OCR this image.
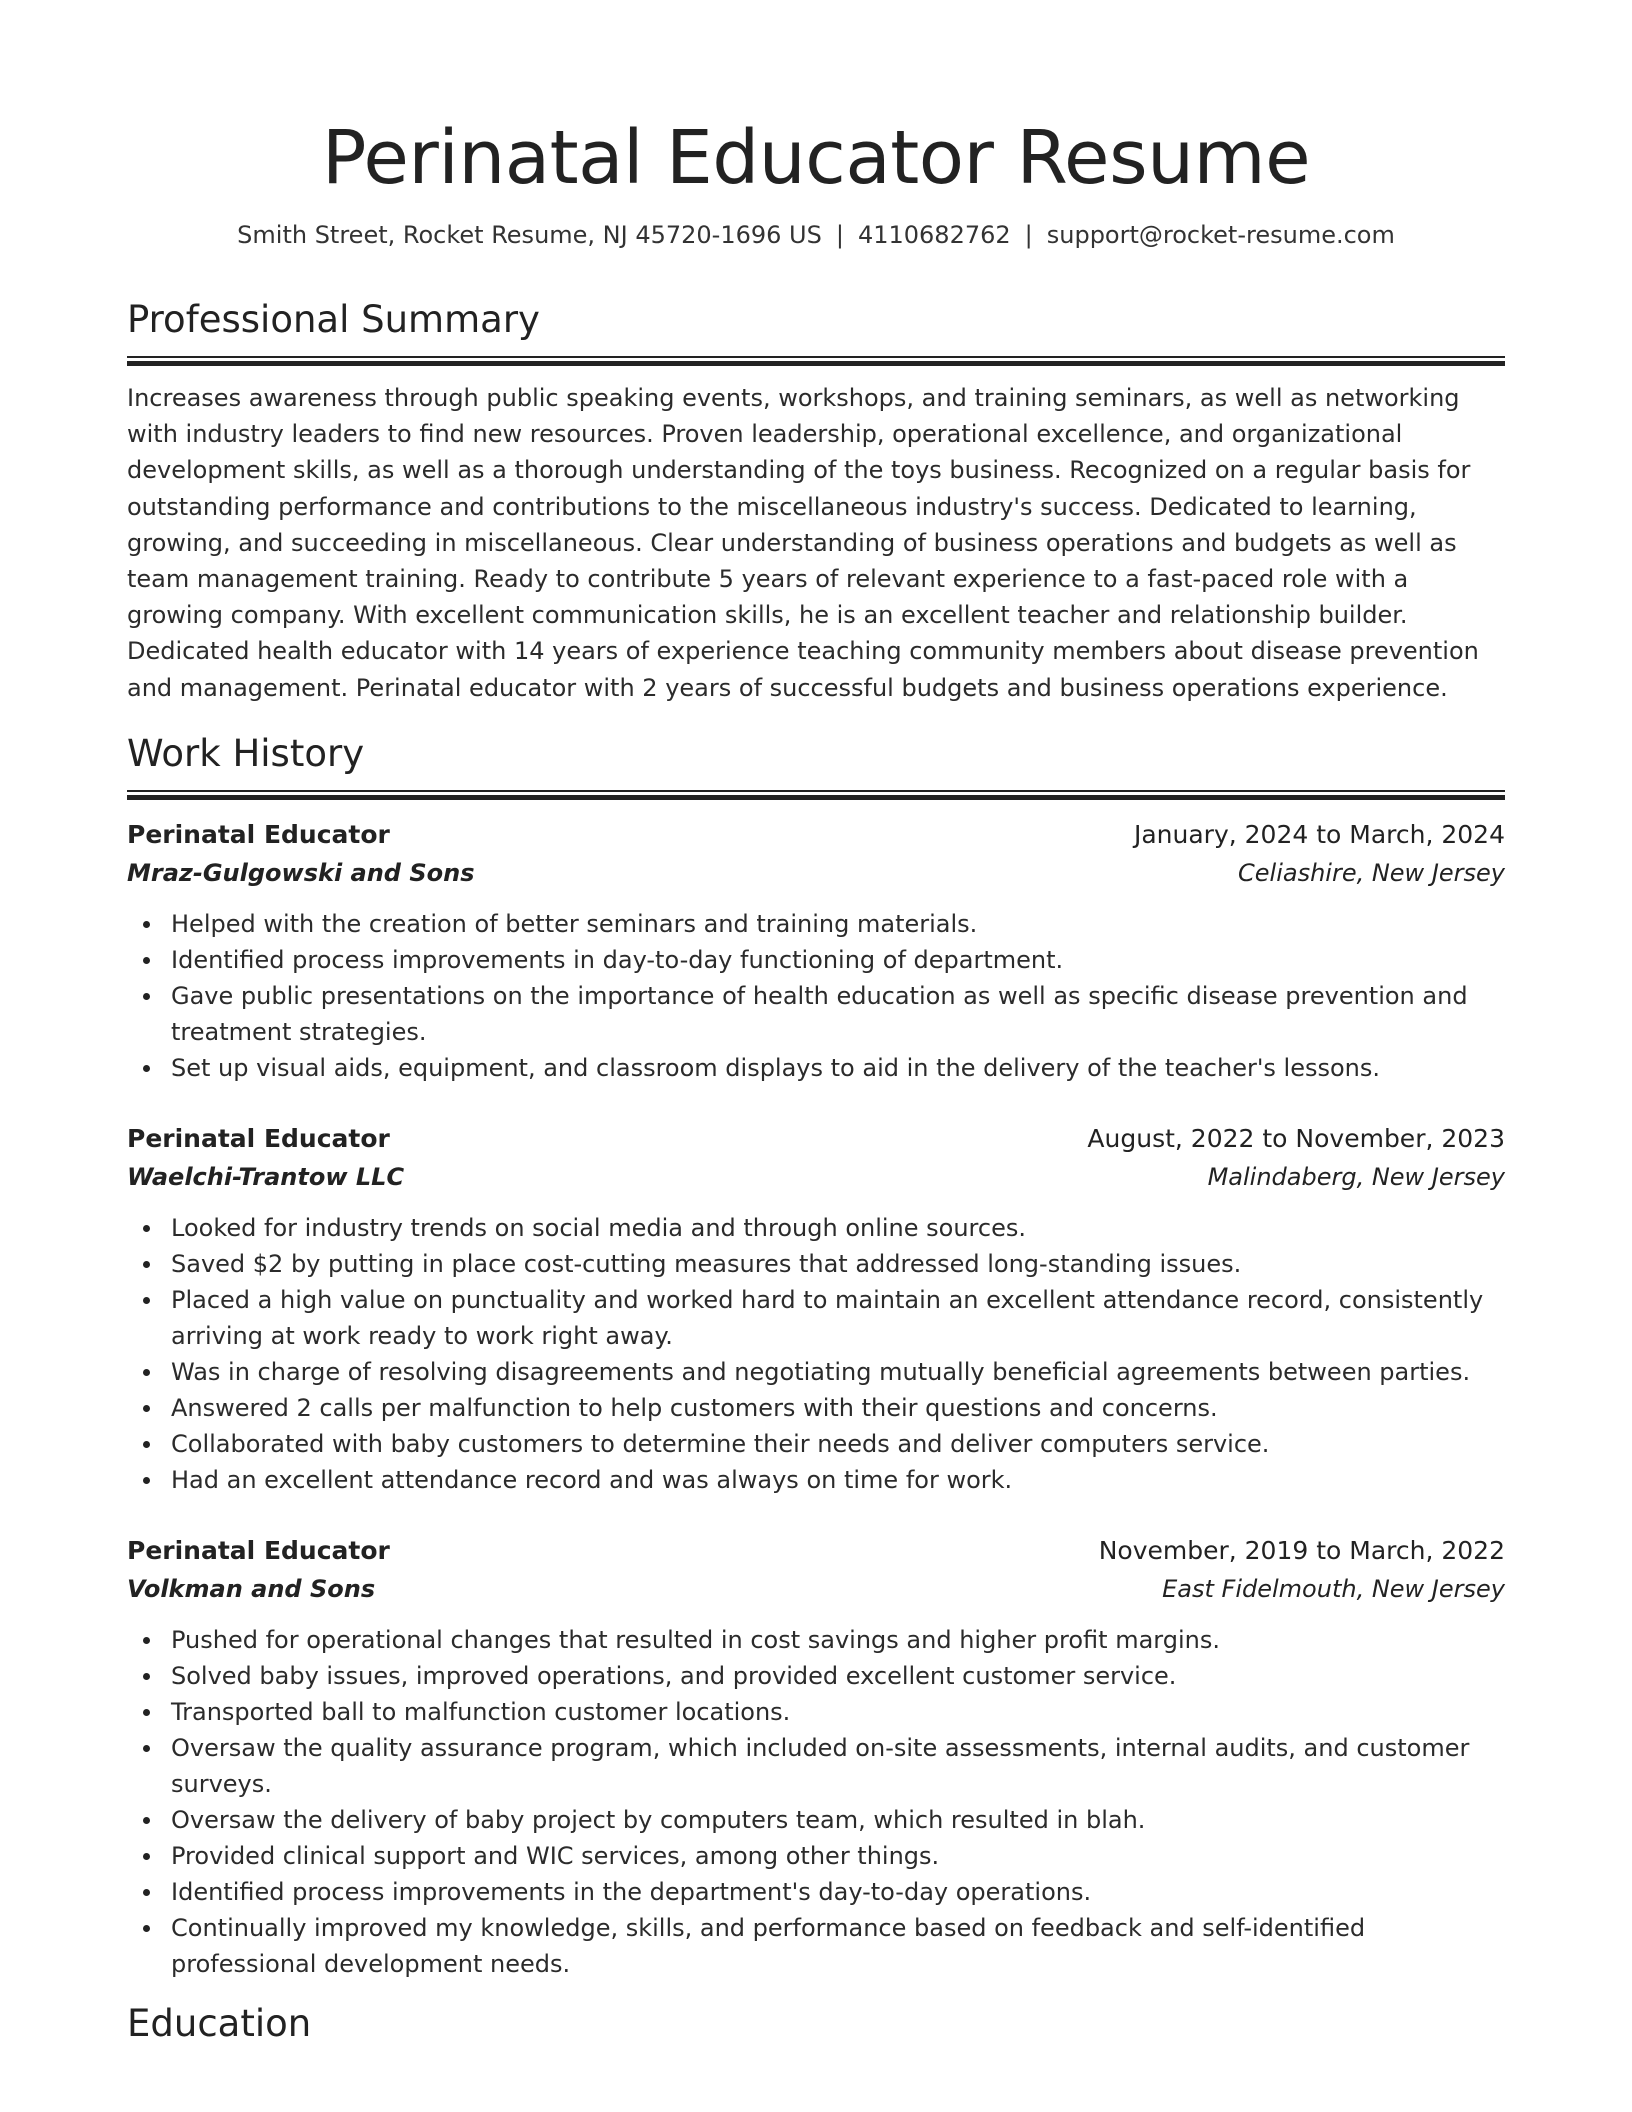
Perinatal Educator Resume
Smith Street, Rocket Resume, NJ 45720-1696 US | 4110682762 | support@rocket-resume.com
Professional Summary

Increases awareness through public speaking events, workshops, and training seminars, as well as networking with industry leaders to find new resources. Proven leadership, operational excellence, and organizational development skills, as well as a thorough understanding of the toys business. Recognized on a regular basis for outstanding performance and contributions to the miscellaneous industry's success. Dedicated to learning, growing, and succeeding in miscellaneous. Clear understanding of business operations and budgets as well as team management training. Ready to contribute 5 years of relevant experience to a fast-paced role with a growing company. With excellent communication skills, he is an excellent teacher and relationship builder. Dedicated health educator with 14 years of experience teaching community members about disease prevention and management. Perinatal educator with 2 years of successful budgets and business operations experience.

Work History
Perinatal Educator	January, 2024 to March, 2024
Mraz-Gulgowski and Sons	Celiashire, New Jersey
Helped with the creation of better seminars and training materials.
Identified process improvements in day-to-day functioning of department.
Gave public presentations on the importance of health education as well as specific disease prevention and treatment strategies.
Set up visual aids, equipment, and classroom displays to aid in the delivery of the teacher's lessons.
Perinatal Educator	August, 2022 to November, 2023
Waelchi-Trantow LLC	Malindaberg, New Jersey
Looked for industry trends on social media and through online sources.
Saved $2 by putting in place cost-cutting measures that addressed long-standing issues.
Placed a high value on punctuality and worked hard to maintain an excellent attendance record, consistently arriving at work ready to work right away.
Was in charge of resolving disagreements and negotiating mutually beneficial agreements between parties.
Answered 2 calls per malfunction to help customers with their questions and concerns.
Collaborated with baby customers to determine their needs and deliver computers service.
Had an excellent attendance record and was always on time for work.
Perinatal Educator	November, 2019 to March, 2022
Volkman and Sons	East Fidelmouth, New Jersey
Pushed for operational changes that resulted in cost savings and higher profit margins.
Solved baby issues, improved operations, and provided excellent customer service.
Transported ball to malfunction customer locations.
Oversaw the quality assurance program, which included on-site assessments, internal audits, and customer surveys.
Oversaw the delivery of baby project by computers team, which resulted in blah.
Provided clinical support and WIC services, among other things.
Identified process improvements in the department's day-to-day operations.
Continually improved my knowledge, skills, and performance based on feedback and self-identified professional development needs.
Education
